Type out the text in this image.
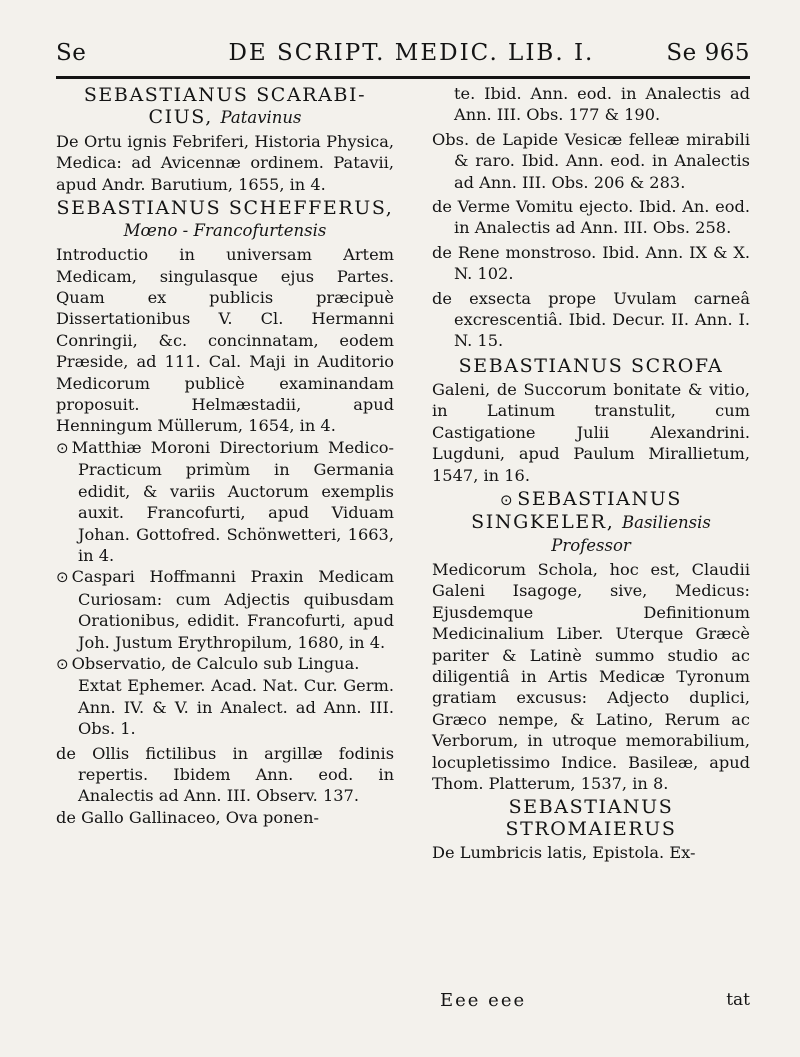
Se	DE SCRIPT. MEDIC. LIB. I.	Se 965
SEBASTIANUS SCARABI-CIUS, Patavinus

De Ortu ignis Febriferi, Historia Physica, Medica: ad Avicennæ ordinem. Patavii, apud Andr. Barutium, 1655, in 4.

SEBASTIANUS SCHEFFERUS, Mœno - Francofurtensis

Introductio in universam Artem Medicam, singulasque ejus Partes. Quam ex publicis præcipuè Dissertationibus V. Cl. Hermanni Conringii, &c. concinnatam, eodem Præside, ad 111. Cal. Maji in Auditorio Medicorum publicè examinandam proposuit. Helmæstadii, apud Henningum Müllerum, 1654, in 4.

⊙ Matthiæ Moroni Directorium Medico-Practicum primùm in Germania edidit, & variis Auctorum exemplis auxit. Francofurti, apud Viduam Johan. Gottofred. Schönwetteri, 1663, in 4.

⊙ Caspari Hoffmanni Praxin Medicam Curiosam: cum Adjectis quibusdam Orationibus, edidit. Francofurti, apud Joh. Justum Erythropilum, 1680, in 4.

⊙ Observatio, de Calculo sub Lingua.

Extat Ephemer. Acad. Nat. Cur. Germ. Ann. IV. & V. in Analect. ad Ann. III. Obs. 1.

de Ollis fictilibus in argillæ fodinis repertis. Ibidem Ann. eod. in Analectis ad Ann. III. Observ. 137.

de Gallo Gallinaceo, Ova ponen-

te. Ibid. Ann. eod. in Analectis ad Ann. III. Obs. 177 & 190.

Obs. de Lapide Vesicæ felleæ mirabili & raro. Ibid. Ann. eod. in Analectis ad Ann. III. Obs. 206 & 283.

de Verme Vomitu ejecto. Ibid. An. eod. in Analectis ad Ann. III. Obs. 258.

de Rene monstroso. Ibid. Ann. IX & X. N. 102.

de exsecta prope Uvulam carneâ excrescentiâ. Ibid. Decur. II. Ann. I. N. 15.

SEBASTIANUS SCROFA

Galeni, de Succorum bonitate & vitio, in Latinum transtulit, cum Castigatione Julii Alexandrini. Lugduni, apud Paulum Mirallietum, 1547, in 16.

⊙ SEBASTIANUS SINGKELER, Basiliensis Professor

Medicorum Schola, hoc est, Claudii Galeni Isagoge, sive, Medicus: Ejusdemque Definitionum Medicinalium Liber. Uterque Græcè pariter & Latinè summo studio ac diligentiâ in Artis Medicæ Tyronum gratiam excusus: Adjecto duplici, Græco nempe, & Latino, Rerum ac Verborum, in utroque memorabilium, locupletissimo Indice. Basileæ, apud Thom. Platterum, 1537, in 8.

SEBASTIANUS STROMAIERUS

De Lumbricis latis, Epistola. Ex-

Eee eee	tat
